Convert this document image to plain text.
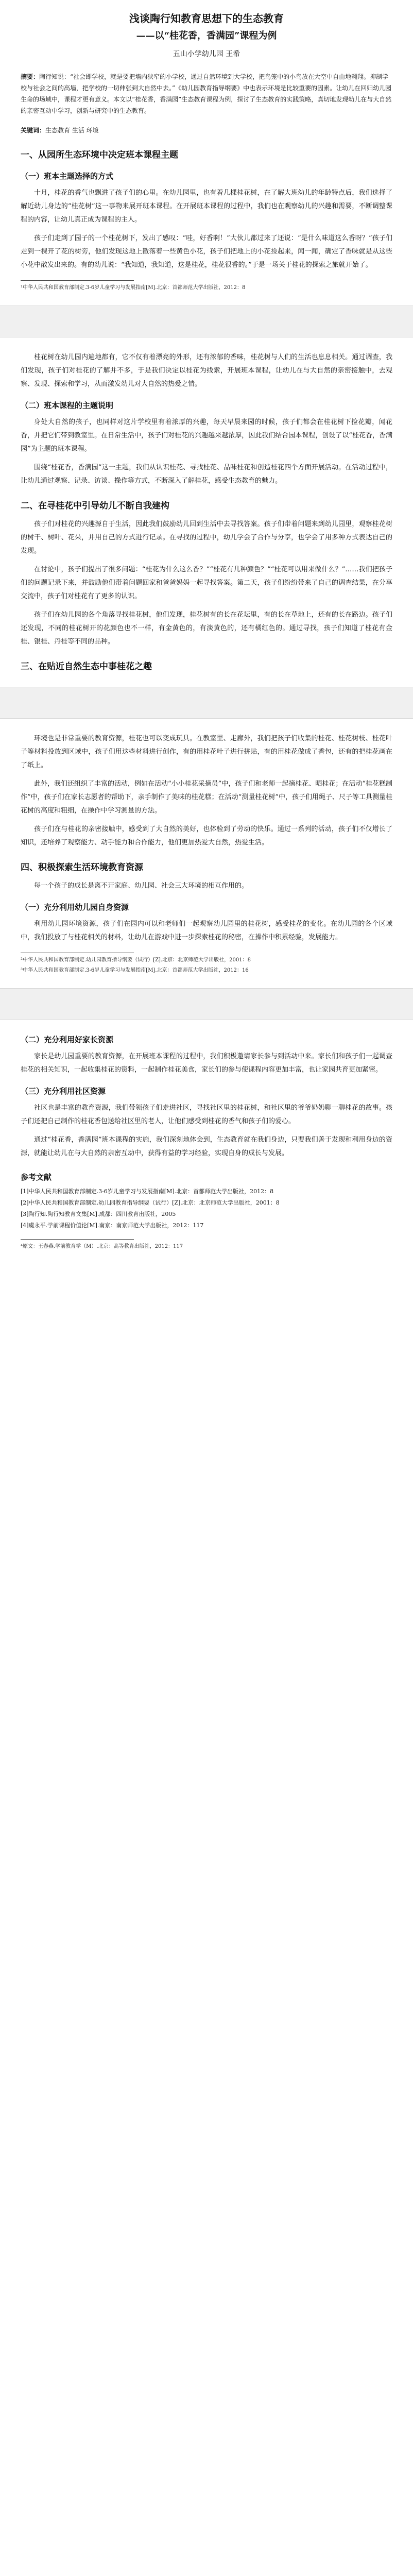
浅谈陶行知教育思想下的生态教育
——以“桂花香，香满园”课程为例
五山小学幼儿园 王希
摘要：陶行知说：“社会即学校，就是要把墙内狭窄的小学校，通过自然环境到大学校，把鸟笼中的小鸟放在大空中自由地翱翔。抑制学校与社会之间的高墙，把学校的一切伸张到大自然中去。”《幼儿园教育指导纲要》中也表示环境是比较重要的因素。让幼儿在回归幼儿园生命的场域中，课程才更有意义。本文以“桂花香，香满园”生态教育课程为例，探讨了生态教育的实践策略，真切地发现幼儿在与大自然的亲密互动中学习，创新与研究中的生态教育。
关键词：生态教育 生活 环境
一、从园所生态环境中决定班本课程主题
（一）班本主题选择的方式

十月，桂花的香气也飘进了孩子们的心里。在幼儿园里，也有着几棵桂花树，在了解大班幼儿的年龄特点后，我们选择了解近幼儿身边的“桂花树”这一事物来展开班本课程。在开展班本课程的过程中，我们也在观察幼儿的兴趣和需要，不断调整课程的内容，让幼儿真正成为课程的主人。

孩子们走到了园子的一个桂花树下，发出了感叹：“哇，好香啊！”大伙儿都过来了还说：“是什么味道这么香呀？”孩子们走到一棵开了花的树旁，他们发现这地上散落着一些黄色小花，孩子们把地上的小花捡起来，闻一闻，确定了香味就是从这些小花中散发出来的。有的幼儿说：“我知道，我知道，这是桂花，桂花很香的。”于是一场关于桂花的探索之旅就开始了。

¹中华人民共和国教育部制定.3-6岁儿童学习与发展指南[M].北京：首都师范大学出版社，2012：8

桂花树在幼儿园内遍地都有，它不仅有着漂亮的外形，还有浓郁的香味，桂花树与人们的生活也息息相关。通过调查，我们发现，孩子们对桂花的了解并不多，于是我们决定以桂花为线索，开展班本课程，让幼儿在与大自然的亲密接触中，去观察、发现、探索和学习，从而激发幼儿对大自然的热爱之情。

（二）班本课程的主题说明

身处大自然的孩子，也同样对这片学校里有着浓厚的兴趣，每天早晨来园的时候，孩子们都会在桂花树下捡花瓣，闻花香，并把它们带到教室里。在日常生活中，孩子们对桂花的兴趣越来越浓厚，因此我们结合园本课程，创设了以“桂花香，香满园”为主题的班本课程。

围绕“桂花香，香满园”这一主题，我们从认识桂花、寻找桂花、品味桂花和创造桂花四个方面开展活动。在活动过程中，让幼儿通过观察、记录、访谈、操作等方式，不断深入了解桂花，感受生态教育的魅力。

二、在寻桂花中引导幼儿不断自我建构

孩子们对桂花的兴趣源自于生活，因此我们鼓励幼儿回到生活中去寻找答案。孩子们带着问题来到幼儿园里，观察桂花树的树干、树叶、花朵，并用自己的方式进行记录。在寻找的过程中，幼儿学会了合作与分享，也学会了用多种方式表达自己的发现。

在讨论中，孩子们提出了很多问题：“桂花为什么这么香？”“桂花有几种颜色？”“桂花可以用来做什么？”……我们把孩子们的问题记录下来，并鼓励他们带着问题回家和爸爸妈妈一起寻找答案。第二天，孩子们纷纷带来了自己的调查结果，在分享交流中，孩子们对桂花有了更多的认识。

孩子们在幼儿园的各个角落寻找桂花树，他们发现，桂花树有的长在花坛里，有的长在草地上，还有的长在路边。孩子们还发现，不同的桂花树开的花颜色也不一样，有金黄色的，有淡黄色的，还有橘红色的。通过寻找，孩子们知道了桂花有金桂、银桂、丹桂等不同的品种。

三、在贴近自然生态中事桂花之趣

环境也是非常重要的教育资源，桂花也可以变成玩具。在教室里、走廊外，我们把孩子们收集的桂花、桂花树枝、桂花叶子等材料投放到区域中，孩子们用这些材料进行创作，有的用桂花叶子进行拼贴，有的用桂花做成了香包，还有的把桂花画在了纸上。

此外，我们还组织了丰富的活动，例如在活动“小小桂花采摘员”中，孩子们和老师一起摘桂花、晒桂花；在活动“桂花糕制作”中，孩子们在家长志愿者的帮助下，亲手制作了美味的桂花糕；在活动“测量桂花树”中，孩子们用绳子、尺子等工具测量桂花树的高度和粗细，在操作中学习测量的方法。

孩子们在与桂花的亲密接触中，感受到了大自然的美好，也体验到了劳动的快乐。通过一系列的活动，孩子们不仅增长了知识，还培养了观察能力、动手能力和合作能力，他们更加热爱大自然，热爱生活。

四、积极探索生活环境教育资源

每一个孩子的成长是离不开家庭、幼儿园、社会三大环境的相互作用的。

（一）充分利用幼儿园自身资源

利用幼儿园环境资源，孩子们在园内可以和老师们一起观察幼儿园里的桂花树，感受桂花的变化。在幼儿园的各个区域中，我们投放了与桂花相关的材料，让幼儿在游戏中进一步探索桂花的秘密，在操作中积累经验，发展能力。

²中华人民共和国教育部制定.幼儿园教育指导纲要（试行）[Z].北京：北京师范大学出版社，2001：8
³中华人民共和国教育部制定.3-6岁儿童学习与发展指南[M].北京：首都师范大学出版社，2012：16
（二）充分利用好家长资源

家长是幼儿园重要的教育资源，在开展班本课程的过程中，我们积极邀请家长参与到活动中来。家长们和孩子们一起调查桂花的相关知识，一起收集桂花的资料，一起制作桂花美食，家长们的参与使课程内容更加丰富，也让家园共育更加紧密。

（三）充分利用社区资源

社区也是丰富的教育资源，我们带领孩子们走进社区，寻找社区里的桂花树，和社区里的爷爷奶奶聊一聊桂花的故事。孩子们还把自己制作的桂花香包送给社区里的老人，让他们感受到桂花的香气和孩子们的爱心。

通过“桂花香，香满园”班本课程的实施，我们深刻地体会到，生态教育就在我们身边，只要我们善于发现和利用身边的资源，就能让幼儿在与大自然的亲密互动中，获得有益的学习经验，实现自身的成长与发展。

参考文献
[1]中华人民共和国教育部制定.3-6岁儿童学习与发展指南[M].北京：首都师范大学出版社，2012：8
[2]中华人民共和国教育部制定.幼儿园教育指导纲要（试行）[Z].北京：北京师范大学出版社，2001：8
[3]陶行知.陶行知教育文集[M].成都：四川教育出版社，2005
[4]虞永平.学前课程价值论[M].南京：南京师范大学出版社，2012：117
⁴原文：王春燕.学前教育学（M）.北京：高等教育出版社，2012：117
